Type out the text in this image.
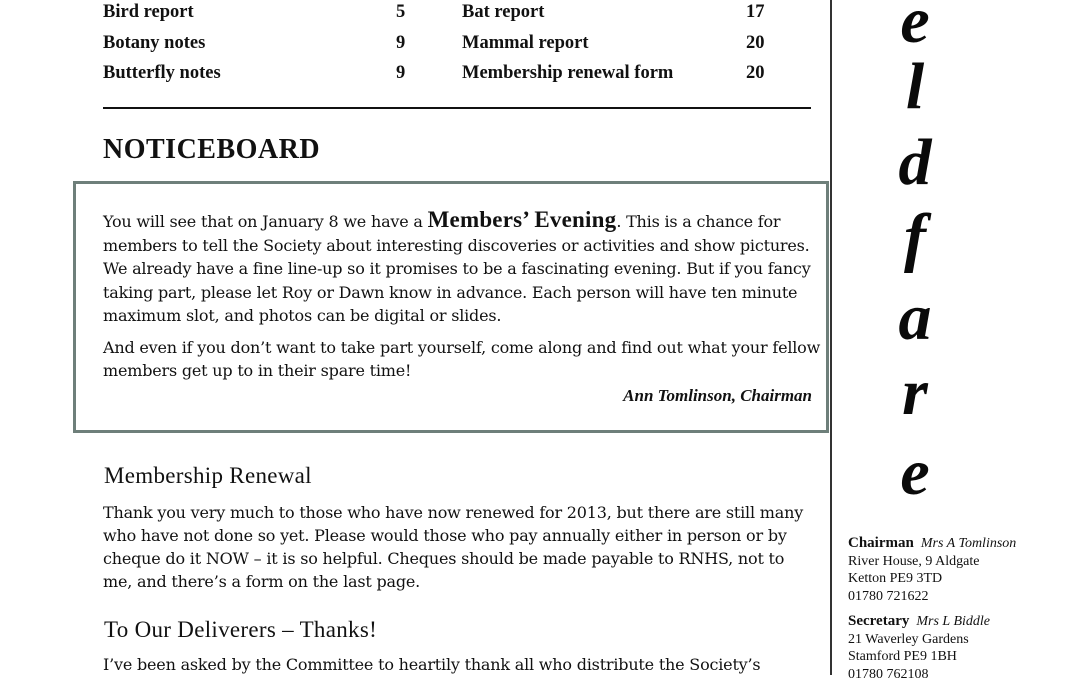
Bird report	5	Bat report	17
Botany notes	9	Mammal report	20
Butterfly notes	9	Membership renewal form	20
NOTICEBOARD

You will see that on January 8 we have a Members’ Evening. This is a chance for members to tell the Society about interesting discoveries or activities and show pictures. We already have a fine line-up so it promises to be a fascinating evening. But if you fancy taking part, please let Roy or Dawn know in advance. Each person will have ten minute maximum slot, and photos can be digital or slides.

And even if you don’t want to take part yourself, come along and find out what your fellow members get up to in their spare time!

Ann Tomlinson, Chairman
Membership Renewal
Thank you very much to those who have now renewed for 2013, but there are still many who have not done so yet. Please would those who pay annually either in person or by cheque do it NOW – it is so helpful. Cheques should be made payable to RNHS, not to me, and there’s a form on the last page.
To Our Deliverers – Thanks!
I’ve been asked by the Committee to heartily thank all who distribute the Society’s
e
l
d
f
a
r
e
Chairman Mrs A Tomlinson
River House, 9 Aldgate
Ketton PE9 3TD
01780 721622
Secretary Mrs L Biddle
21 Waverley Gardens
Stamford PE9 1BH
01780 762108
